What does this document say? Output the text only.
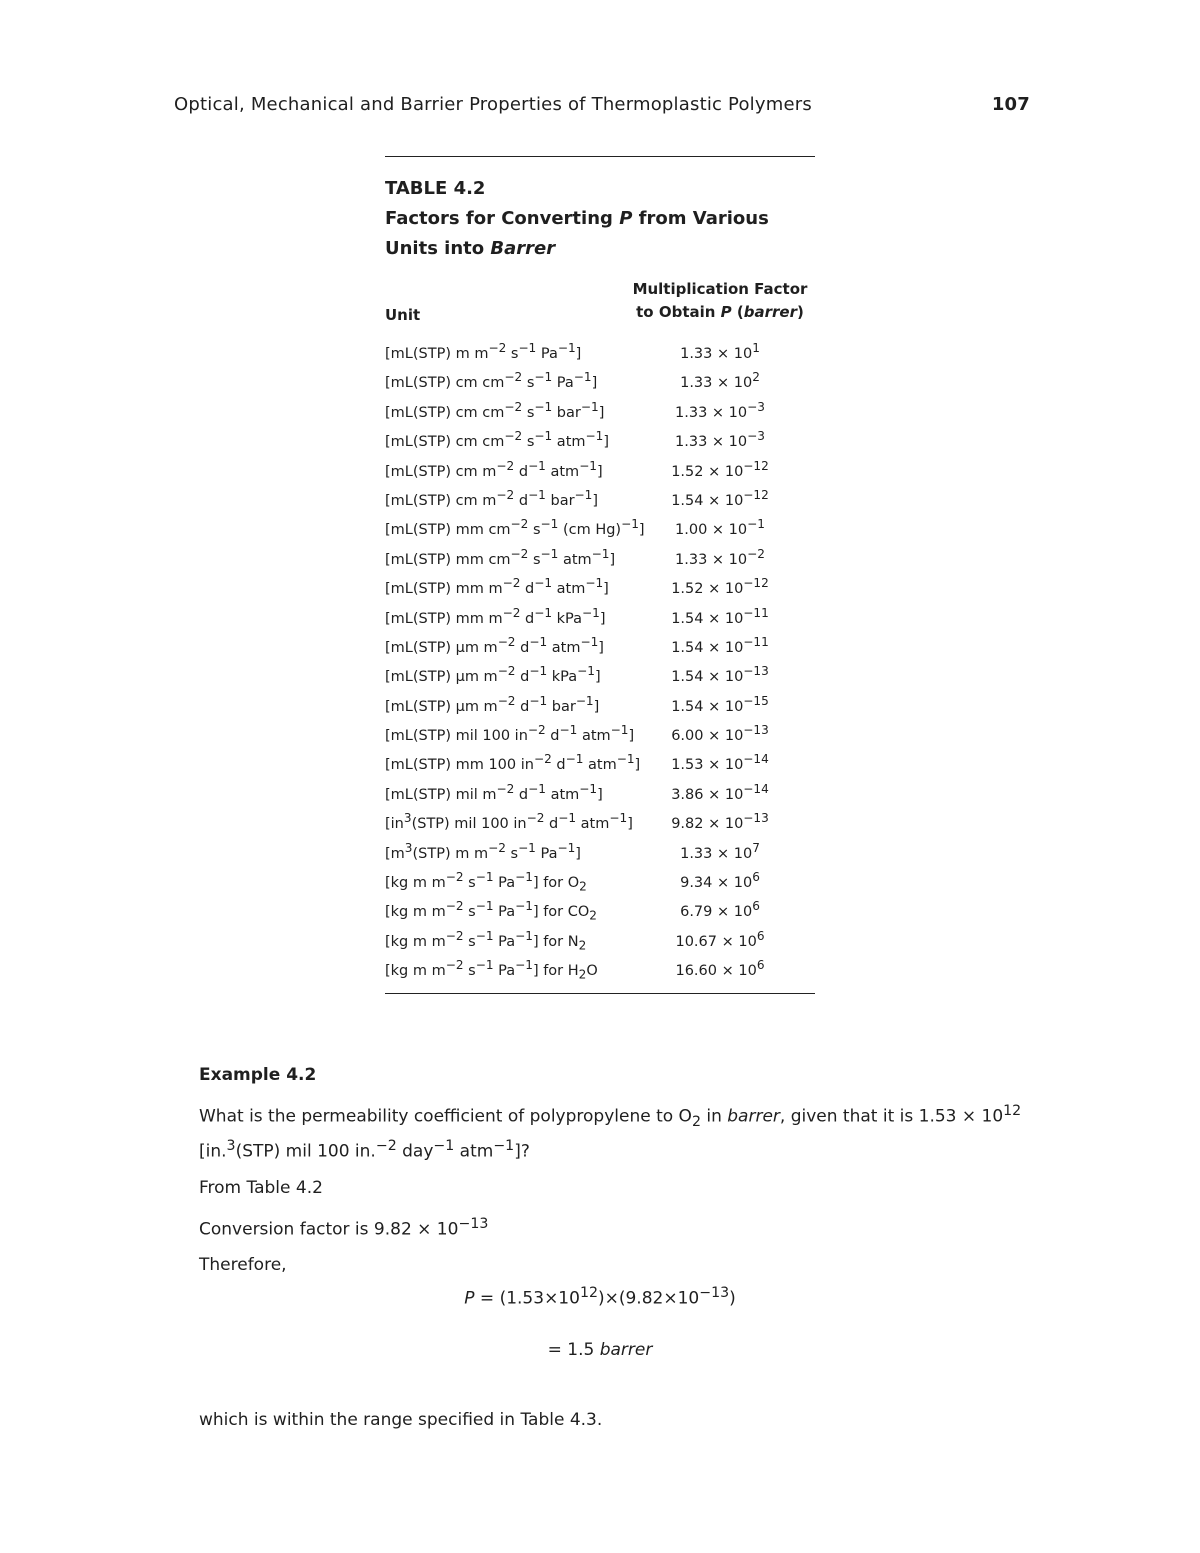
Optical, Mechanical and Barrier Properties of Thermoplastic Polymers	107
TABLE 4.2
Factors for Converting P from Various Units into Barrer
Unit
Multiplication Factor
to Obtain P (barrer)
[mL(STP) m $m^{-2}$ $s^{-1}$ $Pa^{-1}$]	$1.33 \times 10^1$
[mL(STP) cm $cm^{-2}$ $s^{-1}$ $Pa^{-1}$]	$1.33 \times 10^2$
[mL(STP) cm $cm^{-2}$ $s^{-1}$ bar$^{-1}$]	$1.33 \times 10^{-3}$
[mL(STP) cm $cm^{-2}$ $s^{-1}$ atm$^{-1}$]	$1.33 \times 10^{-3}$
[mL(STP) cm $m^{-2}$ $d^{-1}$ atm$^{-1}$]	$1.52 \times 10^{-12}$
[mL(STP) cm $m^{-2}$ $d^{-1}$ bar$^{-1}$]	$1.54 \times 10^{-12}$
[mL(STP) mm $cm^{-2}$ $s^{-1}$ (cm Hg)$^{-1}$]	$1.00 \times 10^{-1}$
[mL(STP) mm $cm^{-2}$ $s^{-1}$ atm$^{-1}$]	$1.33 \times 10^{-2}$
[mL(STP) mm $m^{-2}$ $d^{-1}$ atm$^{-1}$]	$1.52 \times 10^{-12}$
[mL(STP) mm $m^{-2}$ $d^{-1}$ kPa$^{-1}$]	$1.54 \times 10^{-11}$
[mL(STP) µm $m^{-2}$ $d^{-1}$ atm$^{-1}$]	$1.54 \times 10^{-11}$
[mL(STP) µm $m^{-2}$ $d^{-1}$ kPa$^{-1}$]	$1.54 \times 10^{-13}$
[mL(STP) µm $m^{-2}$ $d^{-1}$ bar$^{-1}$]	$1.54 \times 10^{-15}$
[mL(STP) mil 100 $in^{-2}$ $d^{-1}$ atm$^{-1}$]	$6.00 \times 10^{-13}$
[mL(STP) mm 100 $in^{-2}$ $d^{-1}$ atm$^{-1}$]	$1.53 \times 10^{-14}$
[mL(STP) mil $m^{-2}$ $d^{-1}$ atm$^{-1}$]	$3.86 \times 10^{-14}$
[$in^3(STP)$ mil 100 $in^{-2}$ $d^{-1}$ atm$^{-1}$]	$9.82 \times 10^{-13}$
[$m^3(STP)$ m $m^{-2}$ $s^{-1}$ $Pa^{-1}$]	$1.33 \times 10^7$
[kg m $m^{-2}$ $s^{-1}$ $Pa^{-1}$] for $O_2$	$9.34 \times 10^6$
[kg m $m^{-2}$ $s^{-1}$ $Pa^{-1}$] for $CO_2$	$6.79 \times 10^6$
[kg m $m^{-2}$ $s^{-1}$ $Pa^{-1}$] for $N_2$	$10.67 \times 10^6$
[kg m $m^{-2}$ $s^{-1}$ $Pa^{-1}$] for $H_2O$	$16.60 \times 10^6$

Example 4.2

What is the permeability coefficient of polypropylene to $O_2$ in barrer, given that it is $1.53 \times 10^{12}$ [in.$^3$(STP) mil 100 in.$^{-2}$ day$^{-1}$ atm$^{-1}$]?

From Table 4.2

Conversion factor is $9.82 \times 10^{-13}$

Therefore,

$P = (1.53\times 10^{12})\times(9.82\times 10^{-13})$
= 1.5 barrer
which is within the range specified in Table 4.3.
